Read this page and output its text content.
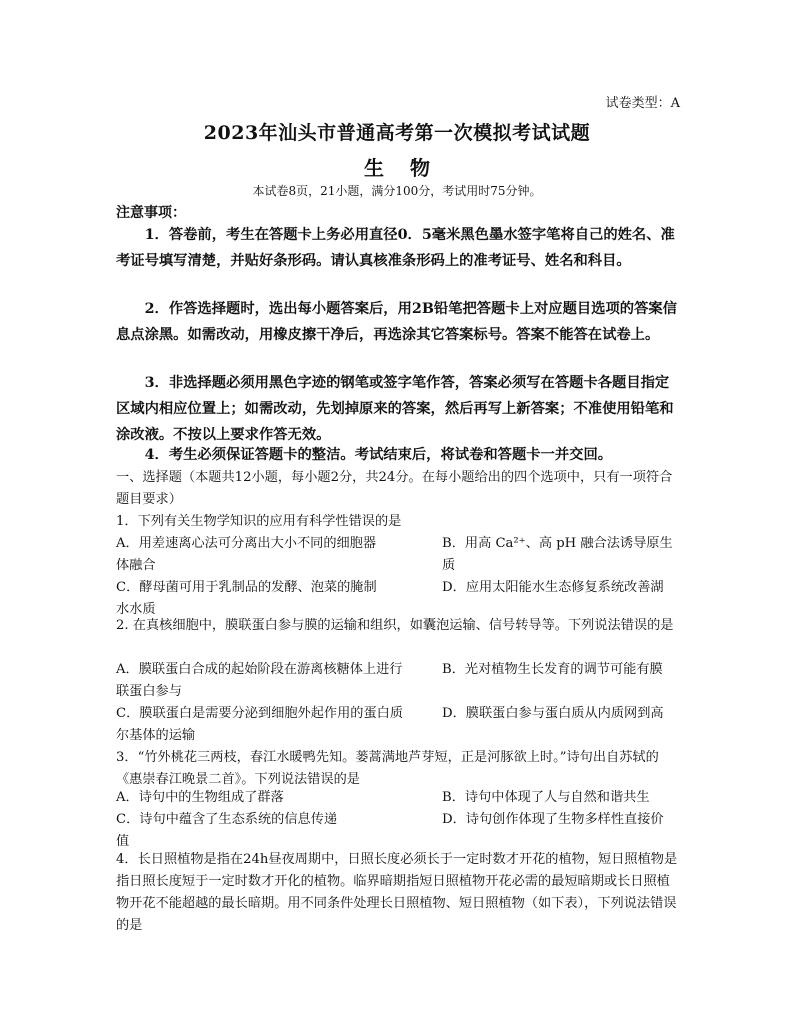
试卷类型：A
2023年汕头市普通高考第一次模拟考试试题
生物
本试卷8页，21小题，满分100分，考试用时75分钟。
注意事项：

1．答卷前，考生在答题卡上务必用直径0．5毫米黑色墨水签字笔将自己的姓名、准考证号填写清楚，并贴好条形码。请认真核准条形码上的准考证号、姓名和科目。

2．作答选择题时，选出每小题答案后，用2B铅笔把答题卡上对应题目选项的答案信息点涂黑。如需改动，用橡皮擦干净后，再选涂其它答案标号。答案不能答在试卷上。

3．非选择题必须用黑色字迹的钢笔或签字笔作答，答案必须写在答题卡各题目指定区域内相应位置上；如需改动，先划掉原来的答案，然后再写上新答案；不准使用铅笔和涂改液。不按以上要求作答无效。

4．考生必须保证答题卡的整洁。考试结束后，将试卷和答题卡一并交回。

一、选择题（本题共12小题，每小题2分，共24分。在每小题给出的四个选项中，只有一项符合题目要求）

1．下列有关生物学知识的应用有科学性错误的是

A．用差速离心法可分离出大小不同的细胞器	B．用高 Ca²⁺、高 pH 融合法诱导原生质
体融合
C．酵母菌可用于乳制品的发酵、泡菜的腌制	D．应用太阳能水生态修复系统改善湖
水水质

2. 在真核细胞中，膜联蛋白参与膜的运输和组织，如囊泡运输、信号转导等。下列说法错误的是

A．膜联蛋白合成的起始阶段在游离核糖体上进行	B．光对植物生长发育的调节可能有膜
联蛋白参与
C．膜联蛋白是需要分泌到细胞外起作用的蛋白质	D．膜联蛋白参与蛋白质从内质网到高
尔基体的运输

3．“竹外桃花三两枝，春江水暖鸭先知。蒌蒿满地芦芽短，正是河豚欲上时。”诗句出自苏轼的《惠崇春江晚景二首》。下列说法错误的是

A．诗句中的生物组成了群落	B．诗句中体现了人与自然和谐共生
C．诗句中蕴含了生态系统的信息传递	D．诗句创作体现了生物多样性直接价
值

4．长日照植物是指在24h昼夜周期中，日照长度必须长于一定时数才开花的植物，短日照植物是指日照长度短于一定时数才开化的植物。临界暗期指短日照植物开花必需的最短暗期或长日照植物开花不能超越的最长暗期。用不同条件处理长日照植物、短日照植物（如下表），下列说法错误的是
